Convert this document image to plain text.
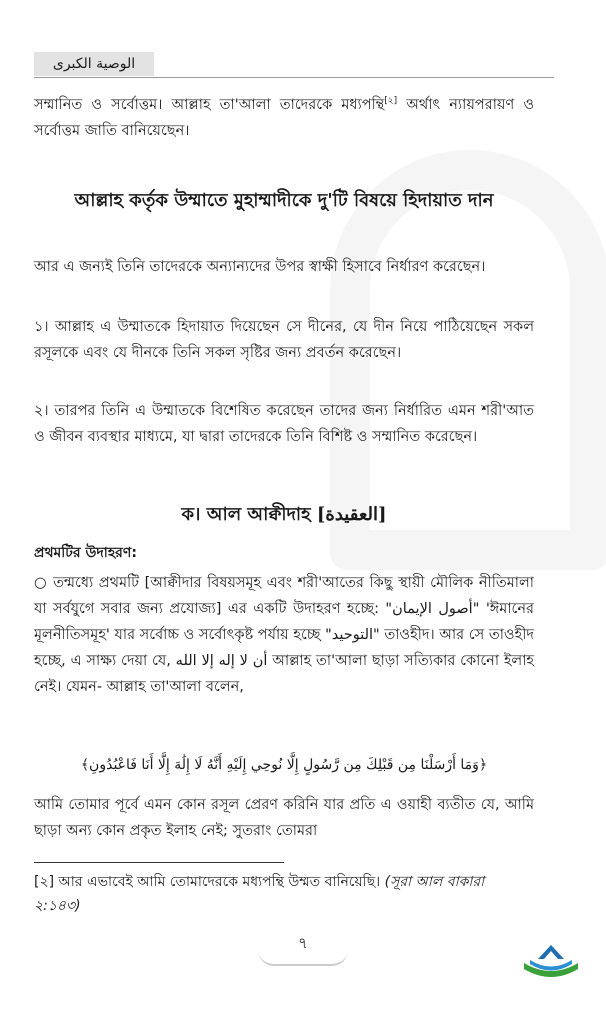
الوصية الكبرى
সম্মানিত ও সর্বোত্তম। আল্লাহ তা'আলা তাদেরকে মধ্যপন্থি[২] অর্থাৎ ন্যায়পরায়ণ ও সর্বোত্তম জাতি বানিয়েছেন।
আল্লাহ কর্তৃক উম্মাতে মুহাম্মাদীকে দু'টি বিষয়ে হিদায়াত দান
আর এ জন্যই তিনি তাদেরকে অন্যান্যদের উপর স্বাক্ষী হিসাবে নির্ধারণ করেছেন।
১। আল্লাহ এ উম্মাতকে হিদায়াত দিয়েছেন সে দীনের, যে দীন নিয়ে পাঠিয়েছেন সকল রসূলকে এবং যে দীনকে তিনি সকল সৃষ্টির জন্য প্রবর্তন করেছেন।
২। তারপর তিনি এ উম্মাতকে বিশেষিত করেছেন তাদের জন্য নির্ধারিত এমন শরী'আত ও জীবন ব্যবস্থার মাধ্যমে, যা দ্বারা তাদেরকে তিনি বিশিষ্ট ও সম্মানিত করেছেন।
ক। আল আক্বীদাহ [العقيدة]
প্রথমটির উদাহরণ:
○ তন্মধ্যে প্রথমটি [আক্বীদার বিষয়সমূহ এবং শরী'আতের কিছু স্থায়ী মৌলিক নীতিমালা যা সর্বযুগে সবার জন্য প্রযোজ্য] এর একটি উদাহরণ হচ্ছে: "أصول الإيمان" 'ঈমানের মূলনীতিসমূহ' যার সর্বোচ্চ ও সর্বোৎকৃষ্ট পর্যায় হচ্ছে "التوحيد" তাওহীদ। আর সে তাওহীদ হচ্ছে, এ সাক্ষ্য দেয়া যে, أن لا إله إلا الله আল্লাহ তা'আলা ছাড়া সত্যিকার কোনো ইলাহ নেই। যেমন- আল্লাহ তা'আলা বলেন,
﴿وَمَا أَرْسَلْنَا مِن قَبْلِكَ مِن رَّسُولٍ إِلَّا نُوحِي إِلَيْهِ أَنَّهُ لَا إِلَٰهَ إِلَّا أَنَا فَاعْبُدُونِ﴾
আমি তোমার পূর্বে এমন কোন রসূল প্রেরণ করিনি যার প্রতি এ ওয়াহী ব্যতীত যে, আমি ছাড়া অন্য কোন প্রকৃত ইলাহ নেই; সুতরাং তোমরা
[২] আর এভাবেই আমি তোমাদেরকে মধ্যপন্থি উম্মত বানিয়েছি। (সূরা আল বাকারা ২:১৪৩)
৭
